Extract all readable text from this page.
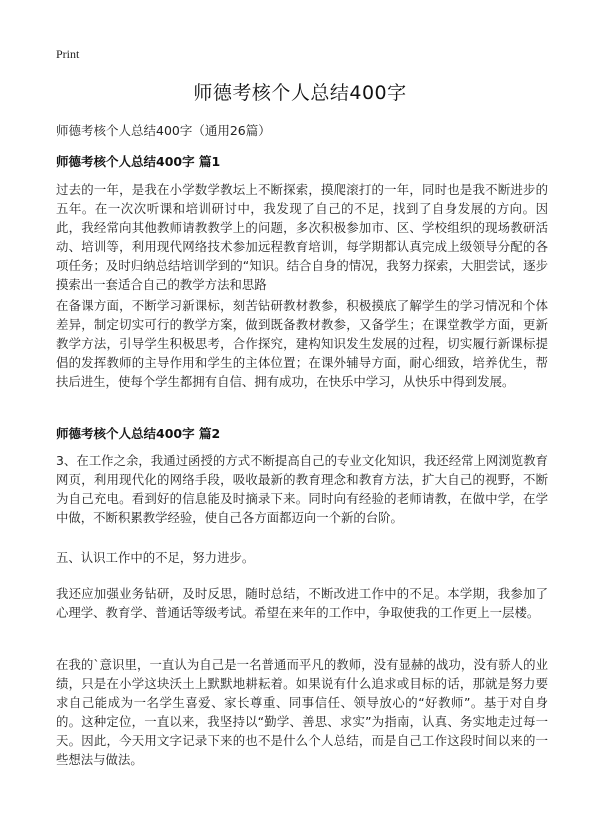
Print
师德考核个人总结400字
师德考核个人总结400字（通用26篇）
师德考核个人总结400字 篇1

过去的一年，是我在小学数学教坛上不断探索，摸爬滚打的一年，同时也是我不断进步的五年。在一次次听课和培训研讨中，我发现了自己的不足，找到了自身发展的方向。因此，我经常向其他教师请教教学上的问题，多次积极参加市、区、学校组织的现场教研活动、培训等，利用现代网络技术参加远程教育培训，每学期都认真完成上级领导分配的各项任务；及时归纳总结培训学到的“知识。结合自身的情况，我努力探索，大胆尝试，逐步摸索出一套适合自己的教学方法和思路

在备课方面，不断学习新课标，刻苦钻研教材教参，积极摸底了解学生的学习情况和个体差异，制定切实可行的教学方案，做到既备教材教参，又备学生；在课堂教学方面，更新教学方法，引导学生积极思考，合作探究，建构知识发生发展的过程，切实履行新课标提倡的发挥教师的主导作用和学生的主体位置；在课外辅导方面，耐心细致，培养优生，帮扶后进生，使每个学生都拥有自信、拥有成功，在快乐中学习，从快乐中得到发展。

师德考核个人总结400字 篇2

3、在工作之余，我通过函授的方式不断提高自己的专业文化知识，我还经常上网浏览教育网页，利用现代化的网络手段，吸收最新的教育理念和教育方法，扩大自己的视野，不断为自己充电。看到好的信息能及时摘录下来。同时向有经验的老师请教，在做中学，在学中做，不断积累教学经验，使自己各方面都迈向一个新的台阶。

五、认识工作中的不足，努力进步。

我还应加强业务钻研，及时反思，随时总结，不断改进工作中的不足。本学期，我参加了心理学、教育学、普通话等级考试。希望在来年的工作中，争取使我的工作更上一层楼。

在我的`意识里，一直认为自己是一名普通而平凡的教师，没有显赫的战功，没有骄人的业绩，只是在小学这块沃土上默默地耕耘着。如果说有什么追求或目标的话，那就是努力要求自己能成为一名学生喜爱、家长尊重、同事信任、领导放心的“好教师”。基于对自身的。这种定位，一直以来，我坚持以“勤学、善思、求实”为指南，认真、务实地走过每一天。因此，今天用文字记录下来的也不是什么个人总结，而是自己工作这段时间以来的一些想法与做法。
